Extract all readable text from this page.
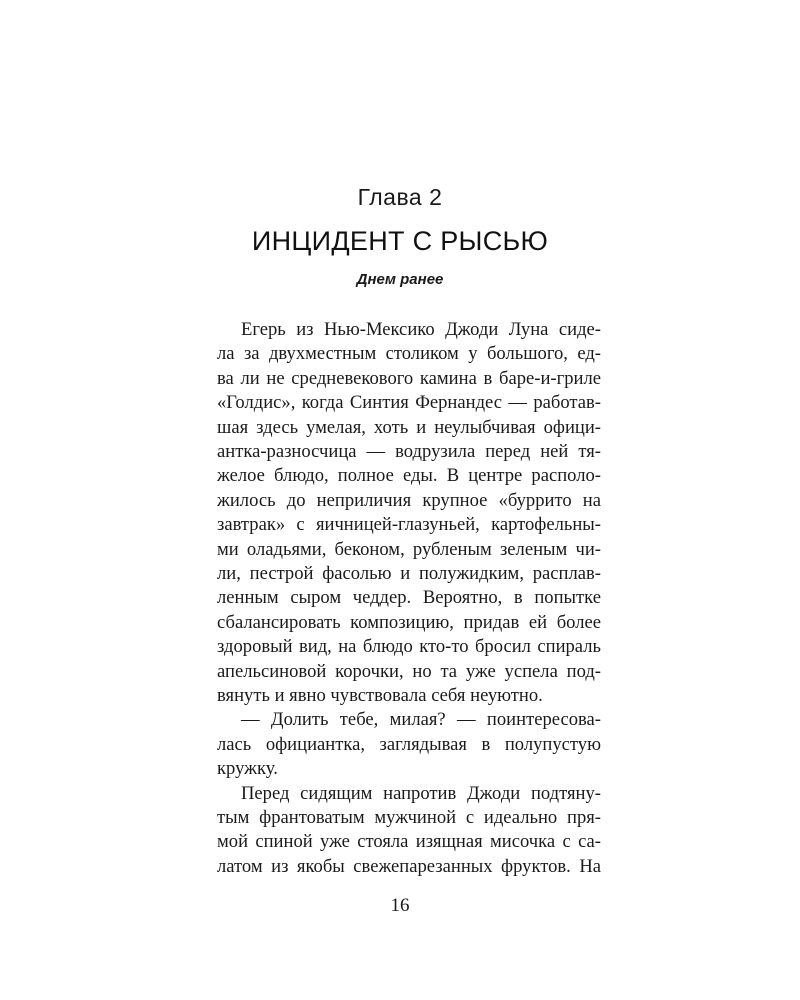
Глава 2
ИНЦИДЕНТ С РЫСЬЮ
Днем ранее
Егерь из Нью-Мексико Джоди Луна сиде-
ла за двухместным столиком у большого, ед-
ва ли не средневекового камина в баре-и-гриле
«Голдис», когда Синтия Фернандес — работав-
шая здесь умелая, хоть и неулыбчивая офици-
антка-разносчица — водрузила перед ней тя-
желое блюдо, полное еды. В центре располо-
жилось до неприличия крупное «буррито на
завтрак» с яичницей-глазуньей, картофельны-
ми оладьями, беконом, рубленым зеленым чи-
ли, пестрой фасолью и полужидким, расплав-
ленным сыром чеддер. Вероятно, в попытке
сбалансировать композицию, придав ей более
здоровый вид, на блюдо кто-то бросил спираль
апельсиновой корочки, но та уже успела под-
вянуть и явно чувствовала себя неуютно.
— Долить тебе, милая? — поинтересова-
лась официантка, заглядывая в полупустую
кружку.
Перед сидящим напротив Джоди подтяну-
тым франтоватым мужчиной с идеально пря-
мой спиной уже стояла изящная мисочка с са-
латом из якобы свежепарезанных фруктов. На
16
